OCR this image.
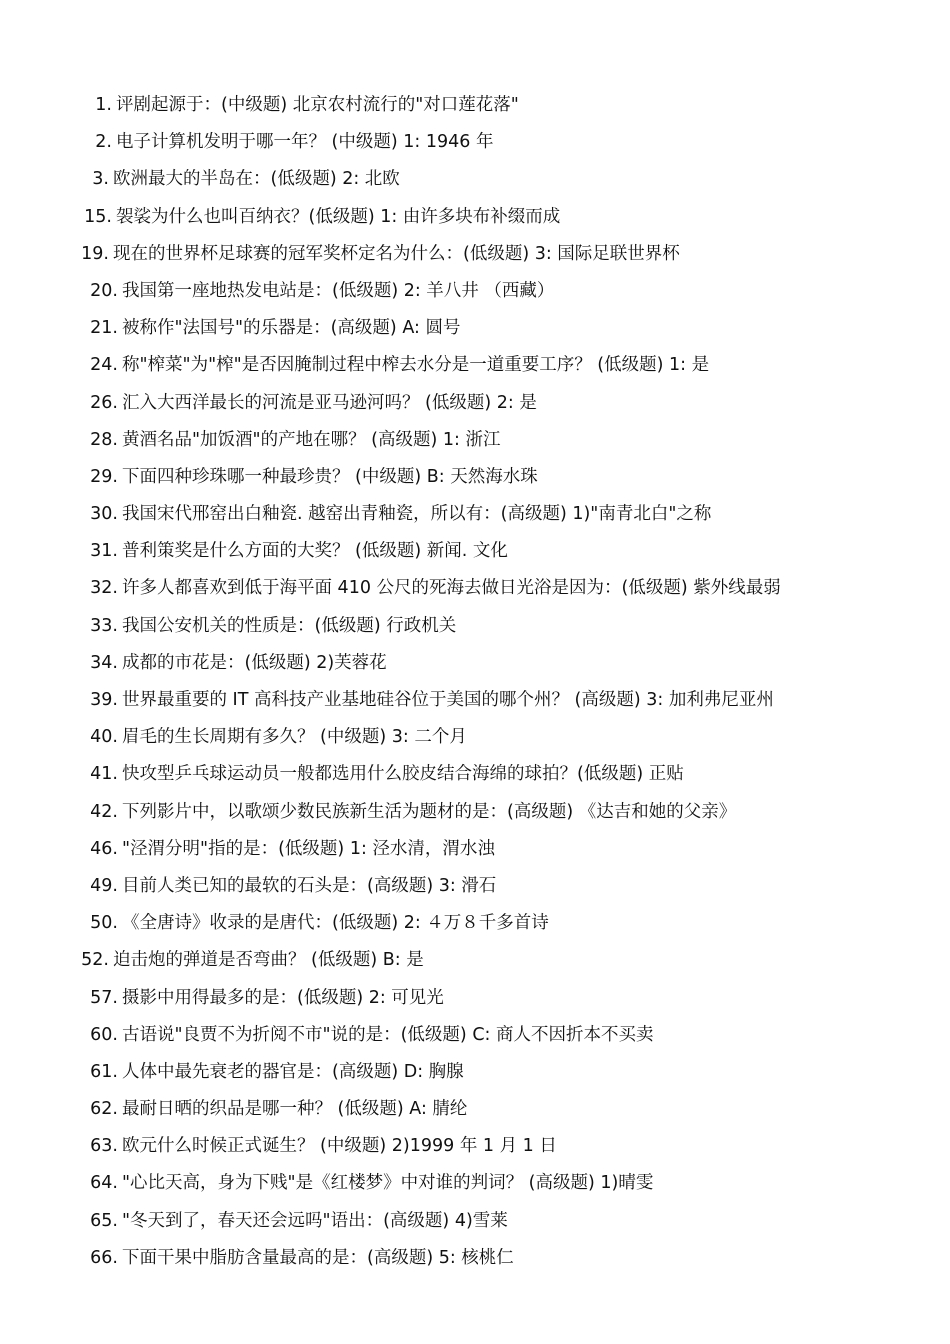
1. 评剧起源于：(中级题) 北京农村流行的"对口莲花落"
2. 电子计算机发明于哪一年？ (中级题) 1: 1946 年
3. 欧洲最大的半岛在：(低级题) 2: 北欧
15. 袈裟为什么也叫百纳衣？(低级题) 1: 由许多块布补缀而成
19. 现在的世界杯足球赛的冠军奖杯定名为什么：(低级题) 3: 国际足联世界杯
20. 我国第一座地热发电站是：(低级题) 2: 羊八井 （西藏）
21. 被称作"法国号"的乐器是：(高级题) A: 圆号
24. 称"榨菜"为"榨"是否因腌制过程中榨去水分是一道重要工序？ (低级题) 1: 是
26. 汇入大西洋最长的河流是亚马逊河吗？ (低级题) 2: 是
28. 黄酒名品"加饭酒"的产地在哪？ (高级题) 1: 浙江
29. 下面四种珍珠哪一种最珍贵？ (中级题) B: 天然海水珠
30. 我国宋代邢窑出白釉瓷. 越窑出青釉瓷，所以有：(高级题) 1)"南青北白"之称
31. 普利策奖是什么方面的大奖？ (低级题) 新闻. 文化
32. 许多人都喜欢到低于海平面 410 公尺的死海去做日光浴是因为：(低级题) 紫外线最弱
33. 我国公安机关的性质是：(低级题) 行政机关
34. 成都的市花是：(低级题) 2)芙蓉花
39. 世界最重要的 IT 高科技产业基地硅谷位于美国的哪个州？ (高级题) 3: 加利弗尼亚州
40. 眉毛的生长周期有多久？ (中级题) 3: 二个月
41. 快攻型乒乓球运动员一般都选用什么胶皮结合海绵的球拍？(低级题) 正贴
42. 下列影片中，以歌颂少数民族新生活为题材的是：(高级题) 《达吉和她的父亲》
46. "泾渭分明"指的是：(低级题) 1: 泾水清，渭水浊
49. 目前人类已知的最软的石头是：(高级题) 3: 滑石
50. 《全唐诗》收录的是唐代：(低级题) 2: ４万８千多首诗
52. 迫击炮的弹道是否弯曲？ (低级题) B: 是
57. 摄影中用得最多的是：(低级题) 2: 可见光
60. 古语说"良贾不为折阅不市"说的是：(低级题) C: 商人不因折本不买卖
61. 人体中最先衰老的器官是：(高级题) D: 胸腺
62. 最耐日晒的织品是哪一种？ (低级题) A: 腈纶
63. 欧元什么时候正式诞生？ (中级题) 2)1999 年 1 月 1 日
64. "心比天高，身为下贱"是《红楼梦》中对谁的判词？ (高级题) 1)晴雯
65. "冬天到了，春天还会远吗"语出：(高级题) 4)雪莱
66. 下面干果中脂肪含量最高的是：(高级题) 5: 核桃仁
